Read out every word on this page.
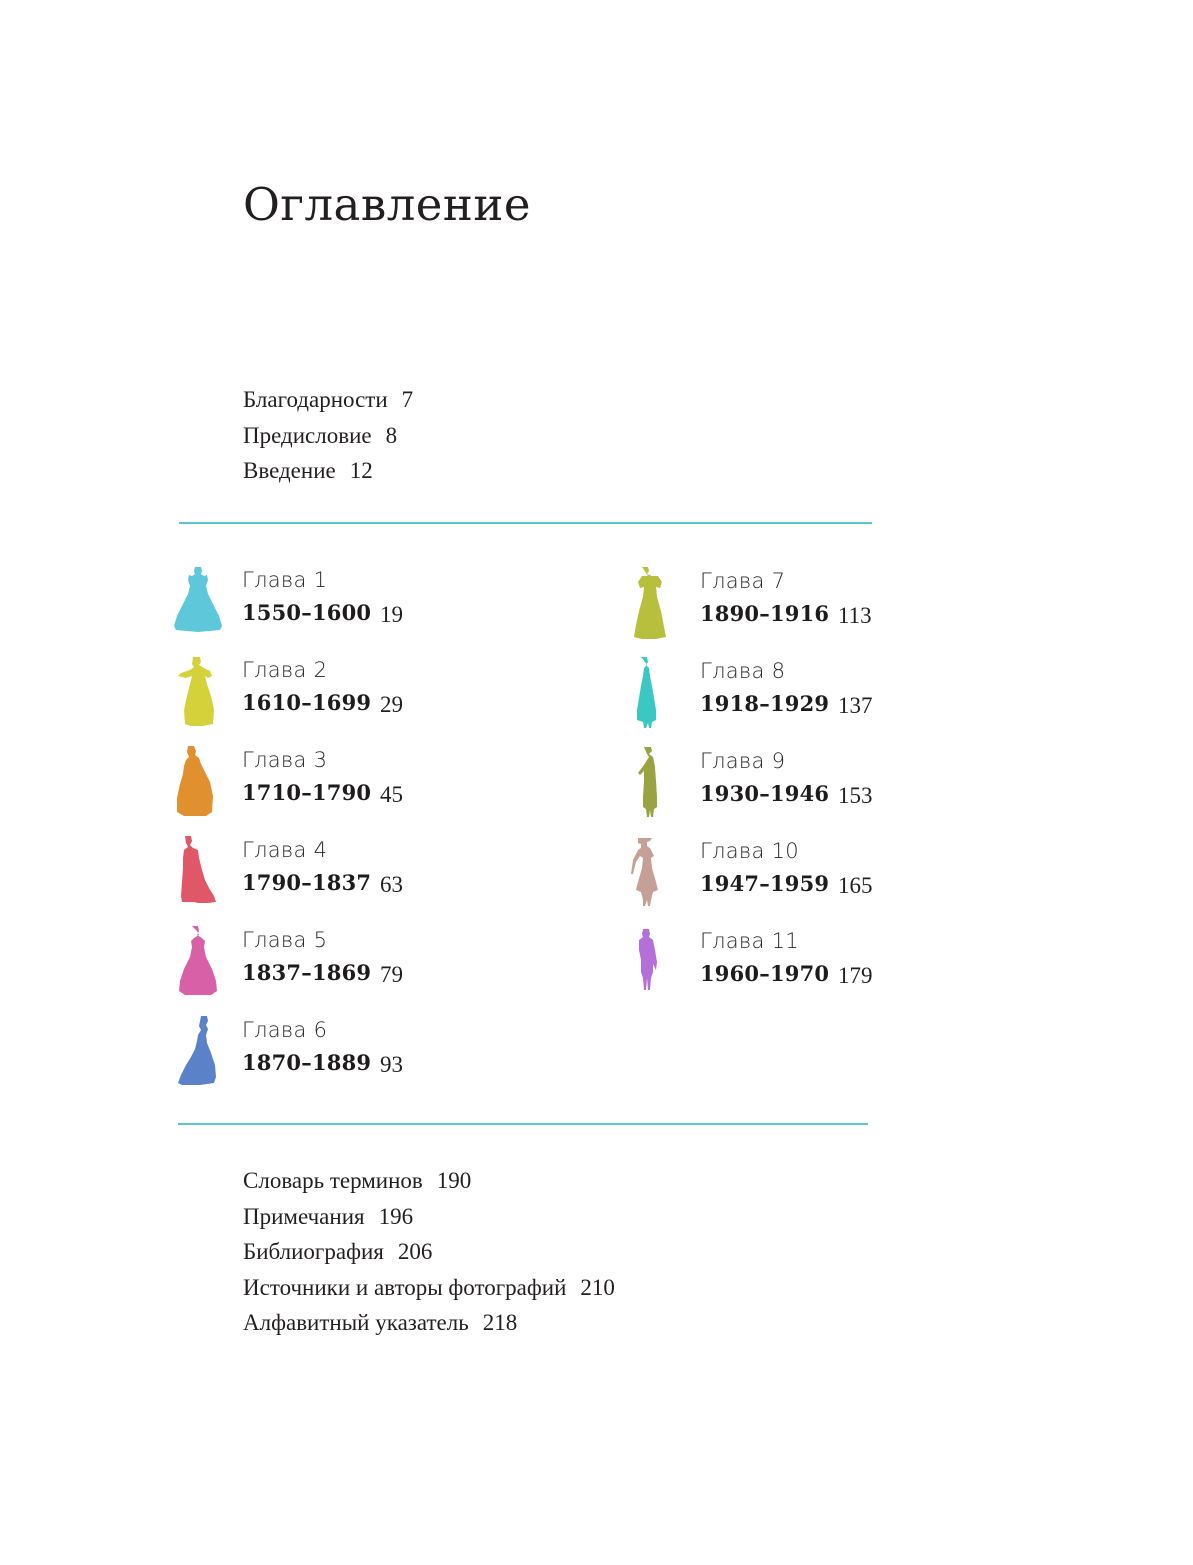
Оглавление
Благодарности 7
Предисловие 8
Введение 12
Глава 1
1550–1600 19
Глава 2
1610–1699 29
Глава 3
1710–1790 45
Глава 4
1790–1837 63
Глава 5
1837–1869 79
Глава 6
1870–1889 93
Глава 7
1890–1916 113
Глава 8
1918–1929 137
Глава 9
1930–1946 153
Глава 10
1947–1959 165
Глава 11
1960–1970 179
Словарь терминов 190
Примечания 196
Библиография 206
Источники и авторы фотографий 210
Алфавитный указатель 218
